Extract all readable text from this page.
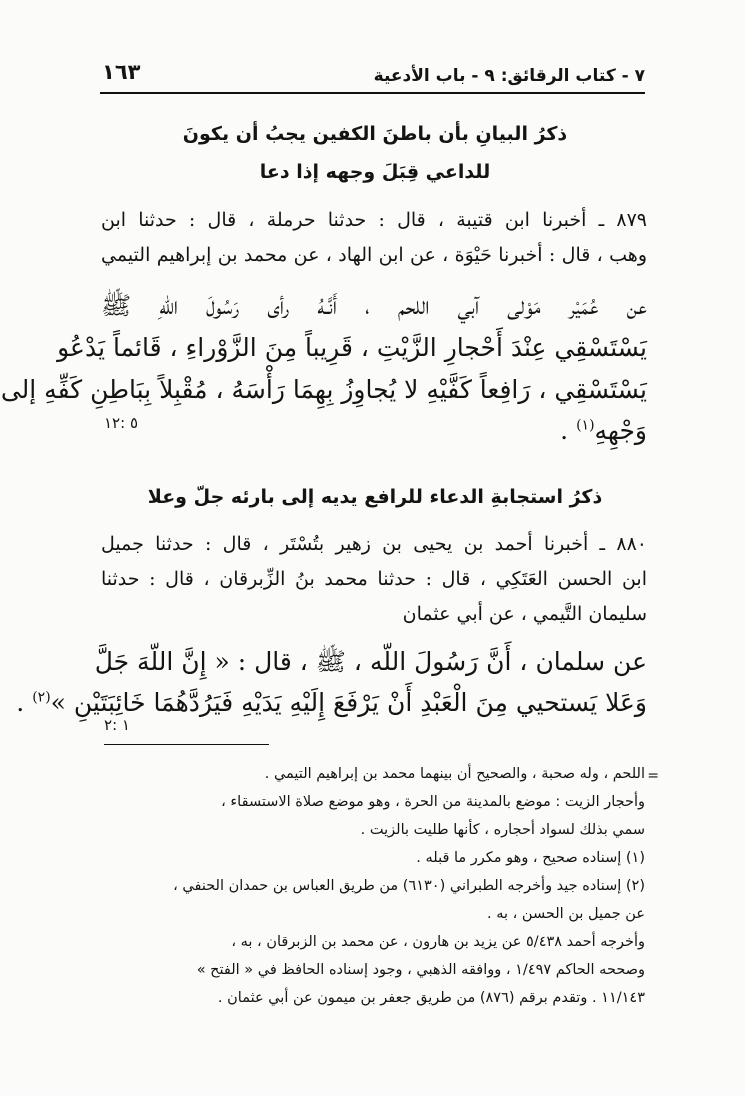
٧ - كتاب الرقائق: ٩ - باب الأدعية
١٦٣
ذكرُ البيانِ بأن باطنَ الكفين يجبُ أن يكونَ
للداعي قِبَلَ وجهه إذا دعا
٨٧٩ ـ أخبرنا ابن قتيبة ، قال : حدثنا حرملة ، قال : حدثنا ابن
وهب ، قال : أخبرنا حَيْوَة ، عن ابن الهاد ، عن محمد بن إبراهيم التيمي
عن عُمَيْر مَوْلى آبي اللحم ، أَنَّـهُ رأى رَسُولَ اللّهِ ﷺ
يَسْتَسْقِي عِنْدَ أَحْجارِ الزَّيْتِ ، قَرِيباً مِنَ الزَّوْراءِ ، قَائماً يَدْعُو
يَسْتَسْقِي ، رَافِعاً كَفَّيْهِ لا يُجاوِزُ بِهِمَا رَأْسَهُ ، مُقْبِلاً بِبَاطِنِ كَفِّهِ إلى
وَجْهِهِ$^{(١)}$ .
٥ :١٢
ذكرُ استجابةِ الدعاء للرافع يديه إلى بارئه جلّ وعلا
٨٨٠ ـ أخبرنا أحمد بن يحيى بن زهير بتُسْتَر ، قال : حدثنا جميل
ابن الحسن العَتَكِي ، قال : حدثنا محمد بنُ الزِّبرقان ، قال : حدثنا
سليمان التَّيمي ، عن أبي عثمان
عن سلمان ، أَنَّ رَسُولَ اللّه ، ﷺ ، قال : « إِنَّ اللّهَ جَلَّ
وَعَلا يَستحيي مِنَ الْعَبْدِ أَنْ يَرْفَعَ إِلَيْهِ يَدَيْهِ فَيَرُدَّهُمَا خَائِبَتَيْنِ »$^{(٢)}$ .
١ :٢
=
اللحم ، وله صحبة ، والصحيح أن بينهما محمد بن إبراهيم التيمي .
وأحجار الزيت : موضع بالمدينة من الحرة ، وهو موضع صلاة الاستسقاء ،
سمي بذلك لسواد أحجاره ، كأنها طليت بالزيت .
(١) إسناده صحيح ، وهو مكرر ما قبله .
(٢) إسناده جيد وأخرجه الطبراني (٦١٣٠) من طريق العباس بن حمدان الحنفي ،
عن جميل بن الحسن ، به .
وأخرجه أحمد ٥/٤٣٨ عن يزيد بن هارون ، عن محمد بن الزبرقان ، به ،
وصححه الحاكم ١/٤٩٧ ، ووافقه الذهبي ، وجود إسناده الحافظ في « الفتح »
١١/١٤٣ . وتقدم برقم (٨٧٦) من طريق جعفر بن ميمون عن أبي عثمان .
